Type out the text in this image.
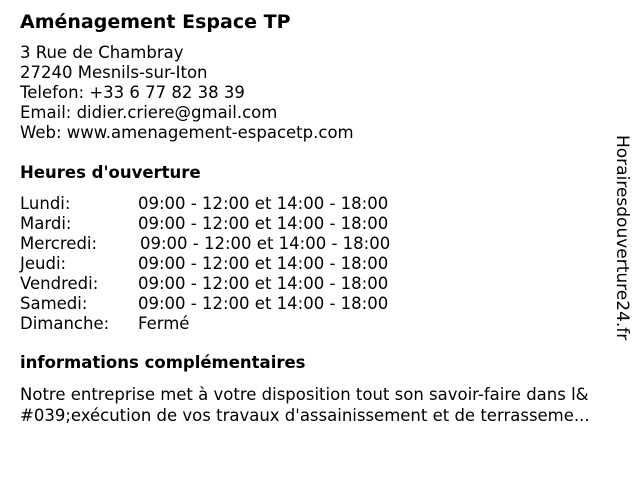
Aménagement Espace TP
3 Rue de Chambray
27240 Mesnils-sur-Iton
Telefon: +33 6 77 82 38 39
Email: didier.criere@gmail.com
Web: www.amenagement-espacetp.com
Heures d'ouverture
Lundi:	09:00 - 12:00 et 14:00 - 18:00
Mardi:	09:00 - 12:00 et 14:00 - 18:00
Mercredi:	09:00 - 12:00 et 14:00 - 18:00
Jeudi:	09:00 - 12:00 et 14:00 - 18:00
Vendredi: 09:00 - 12:00 et 14:00 - 18:00
Samedi:	09:00 - 12:00 et 14:00 - 18:00
Dimanche: Fermé
informations complémentaires
Notre entreprise met à votre disposition tout son savoir-faire dans l&
#039;exécution de vos travaux d'assainissement et de terrasseme...
Horairesdouverture24.fr
